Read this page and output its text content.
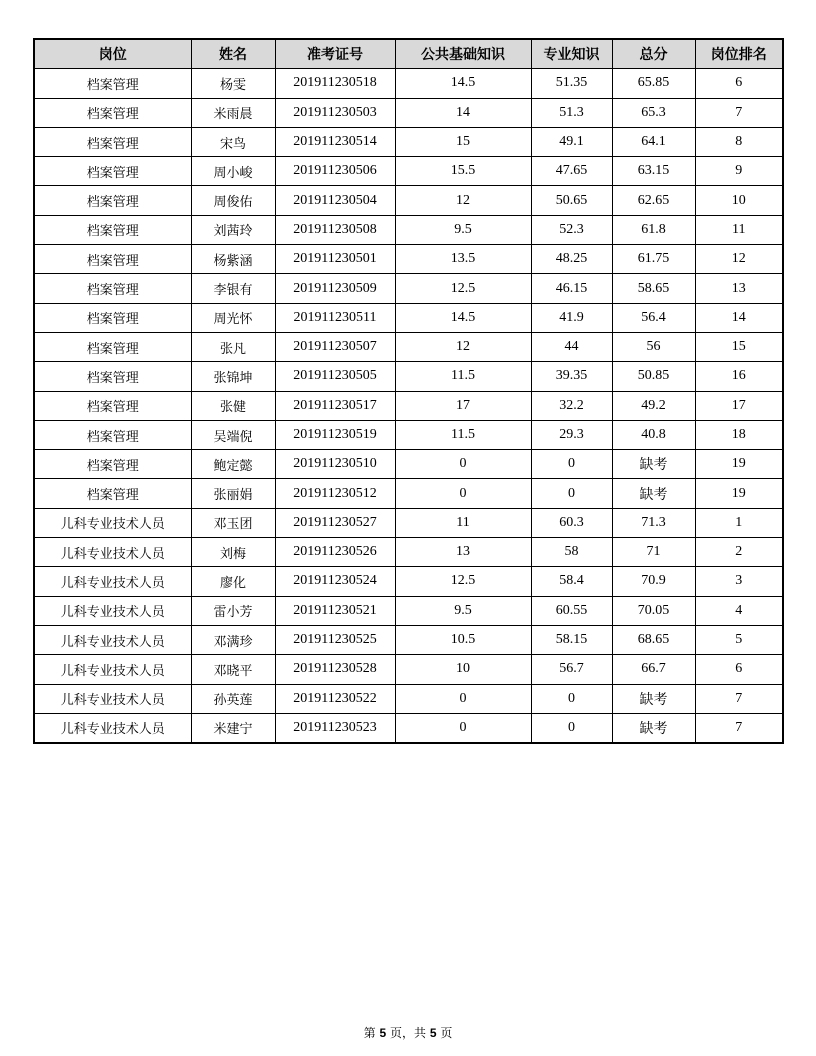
岗位	姓名	准考证号	公共基础知识	专业知识	总分	岗位排名
档案管理	杨雯	201911230518	14.5	51.35	65.85	6
档案管理	米雨晨	201911230503	14	51.3	65.3	7
档案管理	宋鸟	201911230514	15	49.1	64.1	8
档案管理	周小峻	201911230506	15.5	47.65	63.15	9
档案管理	周俊佑	201911230504	12	50.65	62.65	10
档案管理	刘茜玲	201911230508	9.5	52.3	61.8	11
档案管理	杨紫涵	201911230501	13.5	48.25	61.75	12
档案管理	李银有	201911230509	12.5	46.15	58.65	13
档案管理	周光怀	201911230511	14.5	41.9	56.4	14
档案管理	张凡	201911230507	12	44	56	15
档案管理	张锦坤	201911230505	11.5	39.35	50.85	16
档案管理	张健	201911230517	17	32.2	49.2	17
档案管理	吴端倪	201911230519	11.5	29.3	40.8	18
档案管理	鲍定懿	201911230510	0	0	缺考	19
档案管理	张丽娟	201911230512	0	0	缺考	19
儿科专业技术人员	邓玉团	201911230527	11	60.3	71.3	1
儿科专业技术人员	刘梅	201911230526	13	58	71	2
儿科专业技术人员	廖化	201911230524	12.5	58.4	70.9	3
儿科专业技术人员	雷小芳	201911230521	9.5	60.55	70.05	4
儿科专业技术人员	邓满珍	201911230525	10.5	58.15	68.65	5
儿科专业技术人员	邓晓平	201911230528	10	56.7	66.7	6
儿科专业技术人员	孙英莲	201911230522	0	0	缺考	7
儿科专业技术人员	米建宁	201911230523	0	0	缺考	7
第 5 页，共 5 页
